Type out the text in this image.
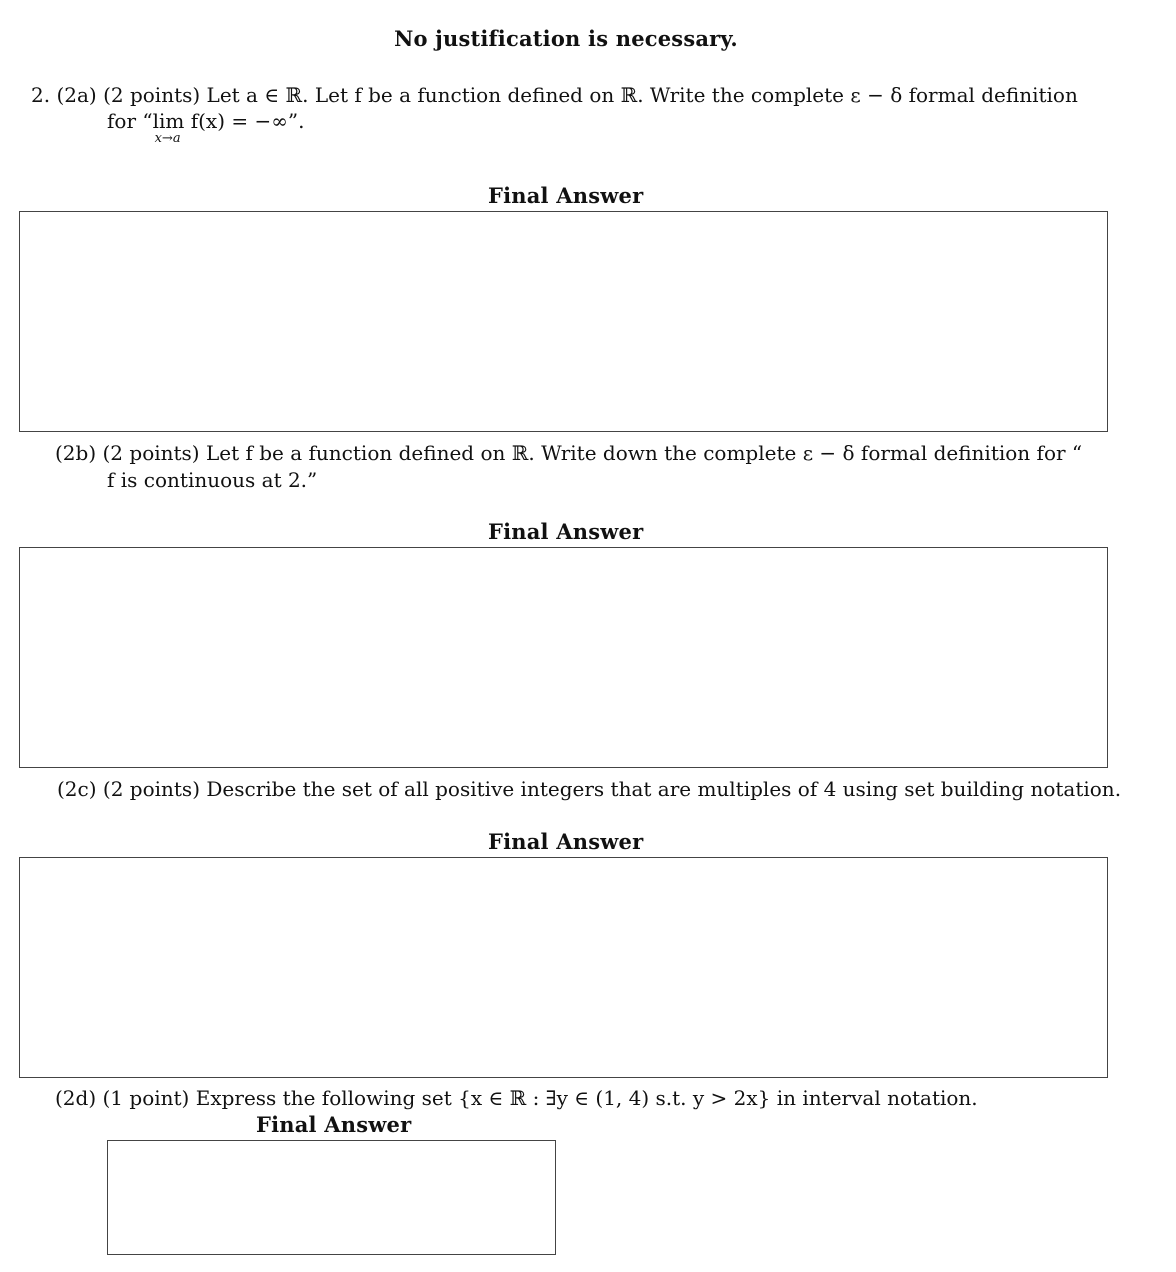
No justification is necessary.
2. (2a) (2 points) Let a ∈ ℝ. Let f be a function defined on ℝ. Write the complete ε − δ formal definition
for “lim
x→a
f(x) = −∞”.
Final Answer
(2b) (2 points) Let f be a function defined on ℝ. Write down the complete ε − δ formal definition for “
f is continuous at 2.”
Final Answer
(2c) (2 points) Describe the set of all positive integers that are multiples of 4 using set building notation.
Final Answer
(2d) (1 point) Express the following set {x ∈ ℝ : ∃y ∈ (1, 4) s.t. y > 2x} in interval notation.
Final Answer
